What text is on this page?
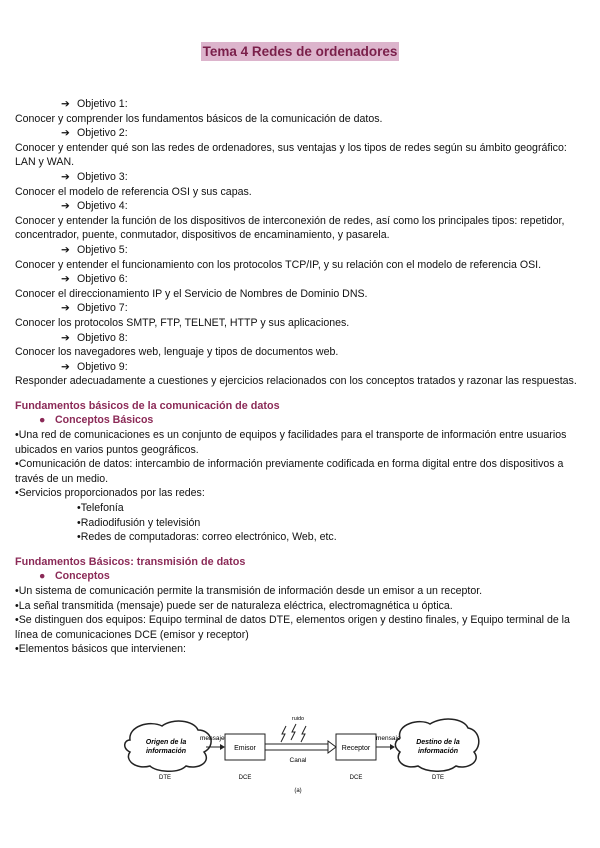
Tema 4 Redes de ordenadores
➔ Objetivo 1:
Conocer y comprender los fundamentos básicos de la comunicación de datos.
➔ Objetivo 2:
Conocer y entender qué son las redes de ordenadores, sus ventajas y los tipos de redes según su ámbito geográfico: LAN y WAN.
➔ Objetivo 3:
Conocer el modelo de referencia OSI y sus capas.
➔ Objetivo 4:
Conocer y entender la función de los dispositivos de interconexión de redes, así como los principales tipos: repetidor, concentrador, puente, conmutador, dispositivos de encaminamiento, y pasarela.
➔ Objetivo 5:
Conocer y entender el funcionamiento con los protocolos TCP/IP, y su relación con el modelo de referencia OSI.
➔ Objetivo 6:
Conocer el direccionamiento IP y el Servicio de Nombres de Dominio DNS.
➔ Objetivo 7:
Conocer los protocolos SMTP, FTP, TELNET, HTTP y sus aplicaciones.
➔ Objetivo 8:
Conocer los navegadores web, lenguaje y tipos de documentos web.
➔ Objetivo 9:
Responder adecuadamente a cuestiones y ejercicios relacionados con los conceptos tratados y razonar las respuestas.
Fundamentos básicos de la comunicación de datos
● Conceptos Básicos
•Una red de comunicaciones es un conjunto de equipos y facilidades para el transporte de información entre usuarios ubicados en varios puntos geográficos.
•Comunicación de datos: intercambio de información previamente codificada en forma digital entre dos dispositivos a través de un medio.
•Servicios proporcionados por las redes:
•Telefonía
•Radiodifusión y televisión
•Redes de computadoras: correo electrónico, Web, etc.
Fundamentos Básicos: transmisión de datos
● Conceptos
•Un sistema de comunicación permite la transmisión de información desde un emisor a un receptor.
•La señal transmitida (mensaje) puede ser de naturaleza eléctrica, electromagnética u óptica.
•Se distinguen dos equipos: Equipo terminal de datos DTE, elementos origen y destino finales, y Equipo terminal de la línea de comunicaciones DCE (emisor y receptor)
•Elementos básicos que intervienen:
Origen de la
información
mensaje
Emisor
Canal
ruido
Receptor
mensaje
Destino de la
información
DTE	DCE	DCE	DTE
(a)
